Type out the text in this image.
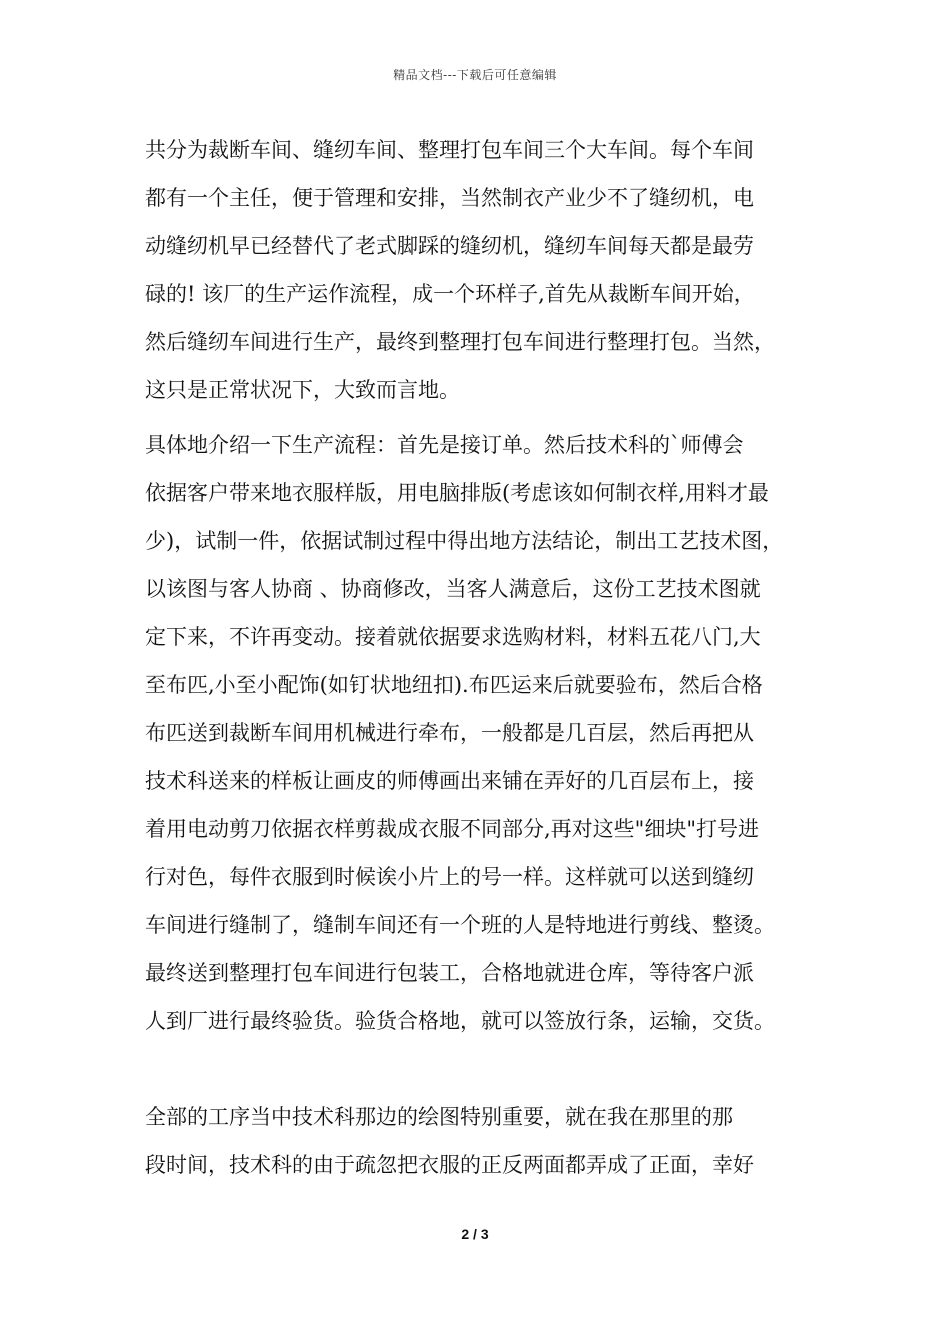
精品文档---下载后可任意编辑
共分为裁断车间、缝纫车间、整理打包车间三个大车间。每个车间
都有一个主任，便于管理和安排，当然制衣产业少不了缝纫机，电
动缝纫机早已经替代了老式脚踩的缝纫机，缝纫车间每天都是最劳
碌的! 该厂的生产运作流程，成一个环样子,首先从裁断车间开始，
然后缝纫车间进行生产，最终到整理打包车间进行整理打包。当然，
这只是正常状况下，大致而言地。
具体地介绍一下生产流程：首先是接订单。然后技术科的`师傅会
依据客户带来地衣服样版，用电脑排版(考虑该如何制衣样,用料才最
少)，试制一件，依据试制过程中得出地方法结论，制出工艺技术图，
以该图与客人协商 、协商修改，当客人满意后，这份工艺技术图就
定下来，不许再变动。接着就依据要求选购材料，材料五花八门,大
至布匹,小至小配饰(如钉状地纽扣).布匹运来后就要验布，然后合格
布匹送到裁断车间用机械进行牵布，一般都是几百层，然后再把从
技术科送来的样板让画皮的师傅画出来铺在弄好的几百层布上，接
着用电动剪刀依据衣样剪裁成衣服不同部分,再对这些"细块"打号进
行对色，每件衣服到时候诶小片上的号一样。这样就可以送到缝纫
车间进行缝制了，缝制车间还有一个班的人是特地进行剪线、整烫。
最终送到整理打包车间进行包装工，合格地就进仓库，等待客户派
人到厂进行最终验货。验货合格地，就可以签放行条，运输，交货。
全部的工序当中技术科那边的绘图特别重要，就在我在那里的那
段时间，技术科的由于疏忽把衣服的正反两面都弄成了正面，幸好
2 / 3
